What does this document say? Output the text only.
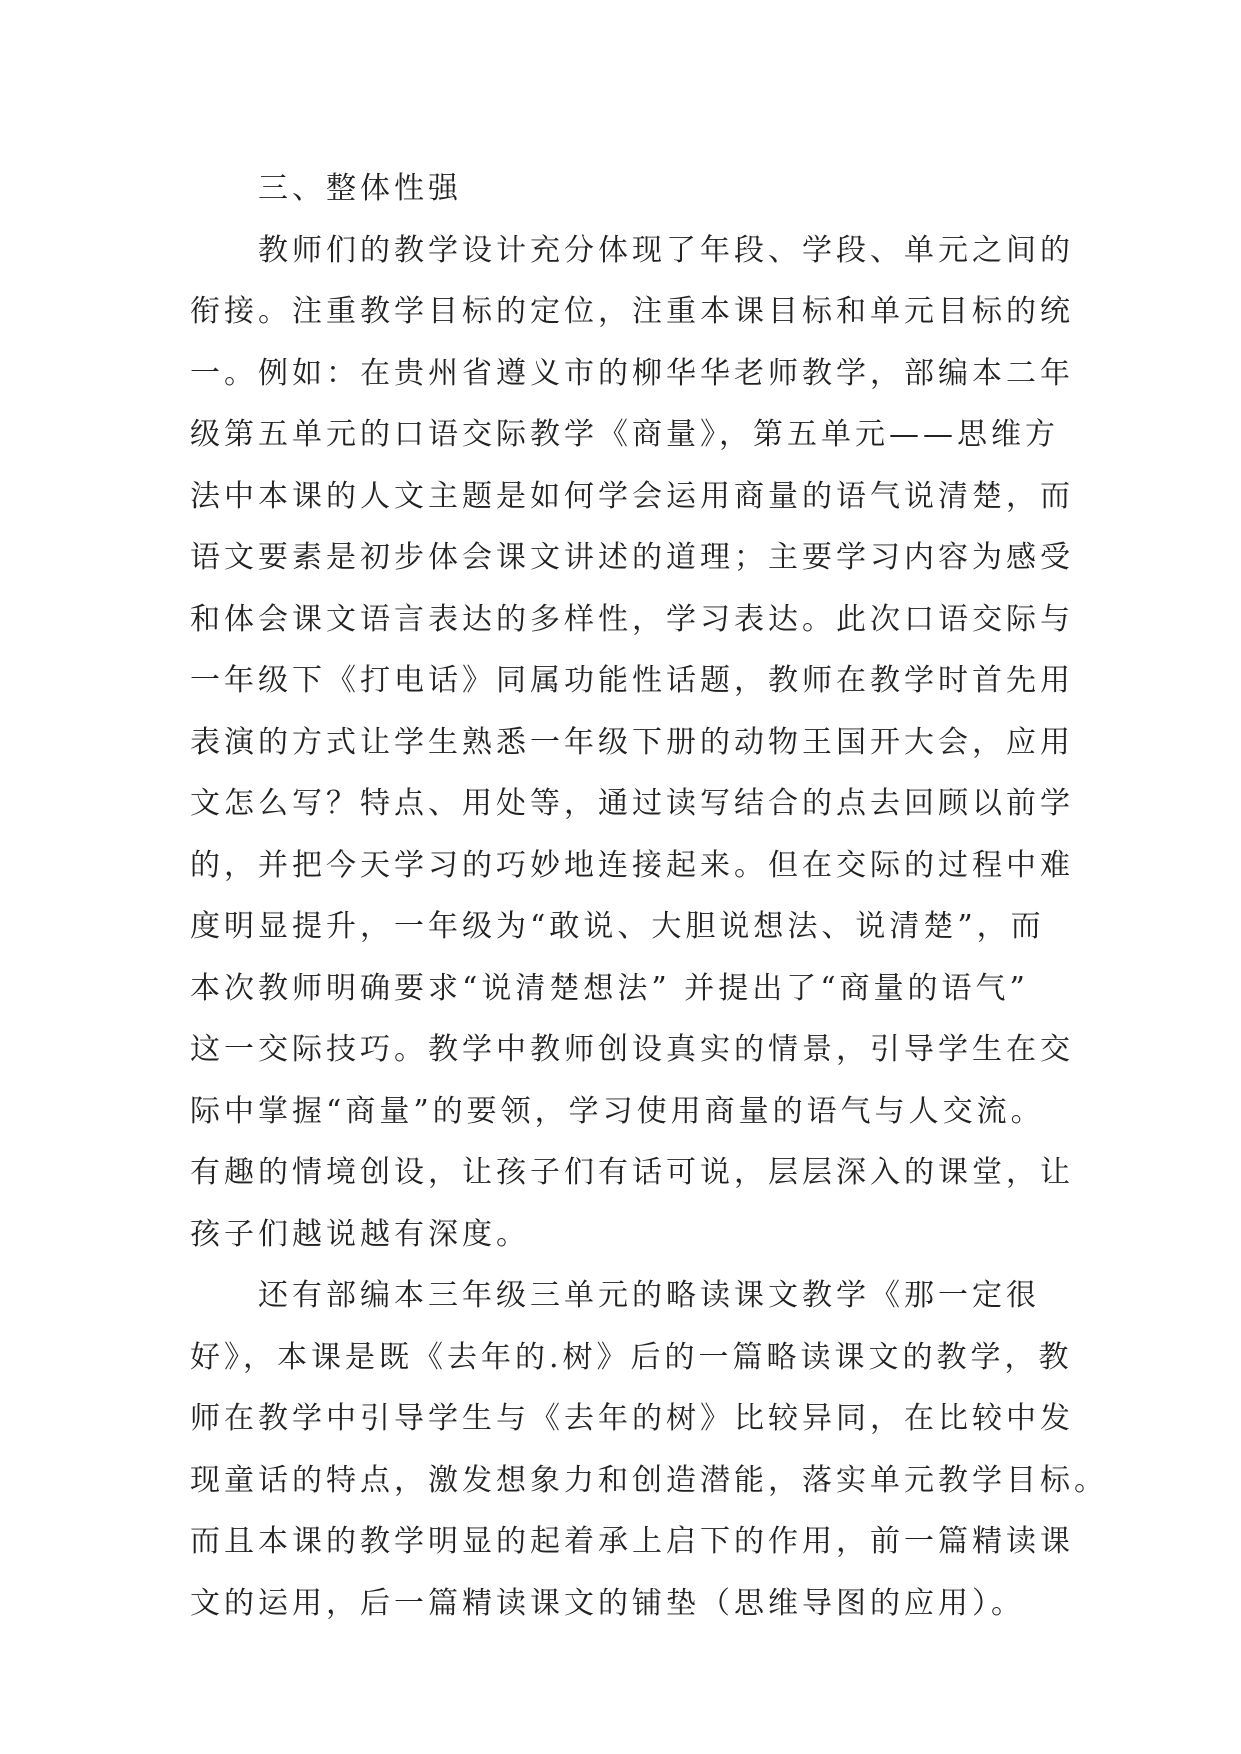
三、整体性强
教师们的教学设计充分体现了年段、学段、单元之间的
衔接。注重教学目标的定位，注重本课目标和单元目标的统
一。例如：在贵州省遵义市的柳华华老师教学，部编本二年
级第五单元的口语交际教学《商量》，第五单元——思维方
法中本课的人文主题是如何学会运用商量的语气说清楚，而
语文要素是初步体会课文讲述的道理；主要学习内容为感受
和体会课文语言表达的多样性，学习表达。此次口语交际与
一年级下《打电话》同属功能性话题，教师在教学时首先用
表演的方式让学生熟悉一年级下册的动物王国开大会，应用
文怎么写？特点、用处等，通过读写结合的点去回顾以前学
的，并把今天学习的巧妙地连接起来。但在交际的过程中难
度明显提升，一年级为“敢说、大胆说想法、说清楚”，而
本次教师明确要求“说清楚想法” 并提出了“商量的语气”
这一交际技巧。教学中教师创设真实的情景，引导学生在交
际中掌握“商量”的要领，学习使用商量的语气与人交流。
有趣的情境创设，让孩子们有话可说，层层深入的课堂，让
孩子们越说越有深度。
还有部编本三年级三单元的略读课文教学《那一定很
好》，本课是既《去年的.树》后的一篇略读课文的教学，教
师在教学中引导学生与《去年的树》比较异同，在比较中发
现童话的特点，激发想象力和创造潜能，落实单元教学目标。
而且本课的教学明显的起着承上启下的作用，前一篇精读课
文的运用，后一篇精读课文的铺垫（思维导图的应用）。
